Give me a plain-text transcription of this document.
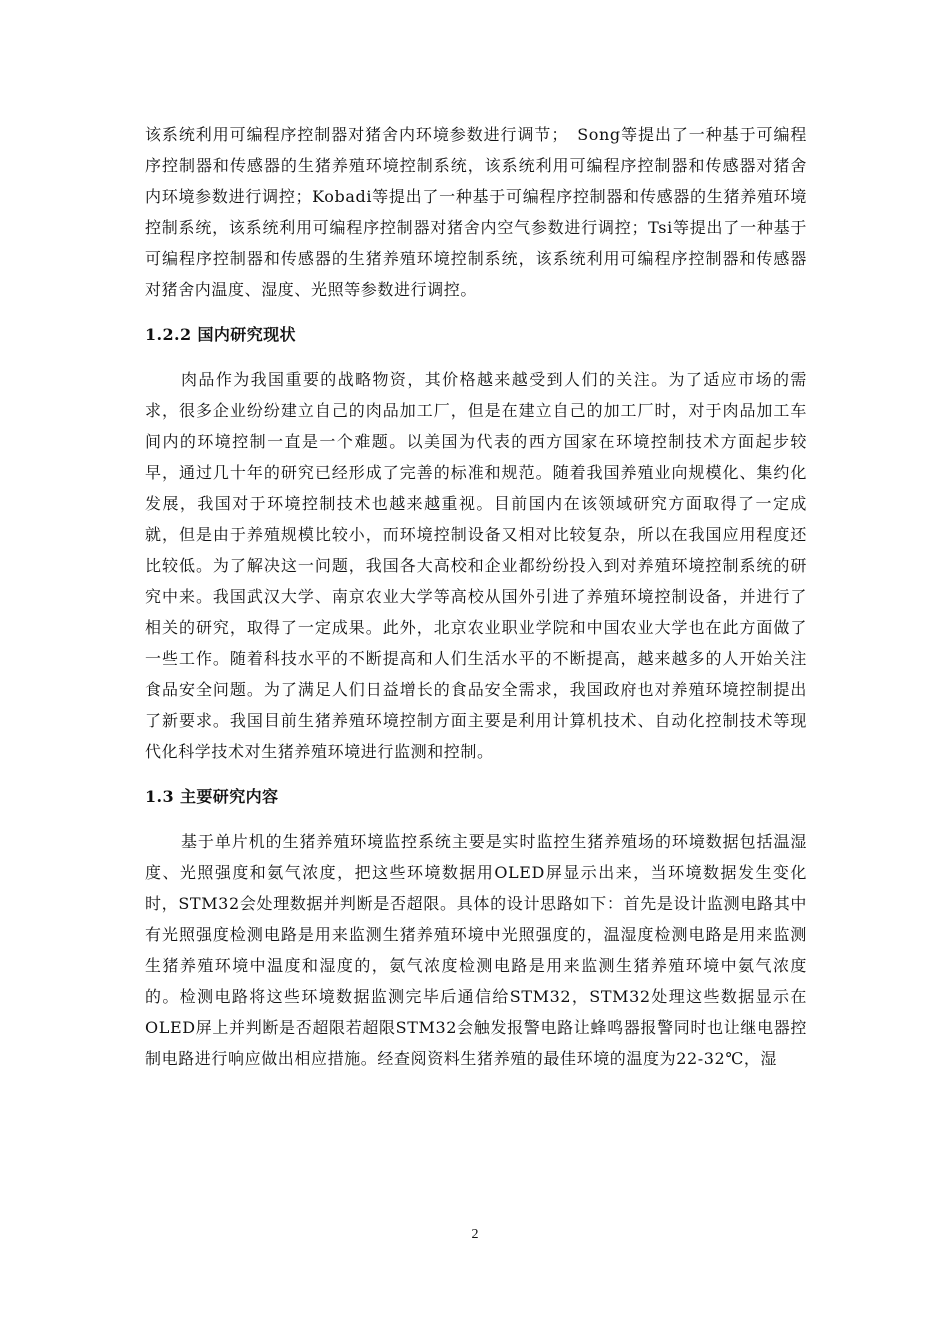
该系统利用可编程序控制器对猪舍内环境参数进行调节；　Song等提出了一种基于可编程序控制器和传感器的生猪养殖环境控制系统，该系统利用可编程序控制器和传感器对猪舍内环境参数进行调控；Kobadi等提出了一种基于可编程序控制器和传感器的生猪养殖环境控制系统，该系统利用可编程序控制器对猪舍内空气参数进行调控；Tsi等提出了一种基于可编程序控制器和传感器的生猪养殖环境控制系统，该系统利用可编程序控制器和传感器对猪舍内温度、湿度、光照等参数进行调控。

1.2.2 国内研究现状

肉品作为我国重要的战略物资，其价格越来越受到人们的关注。为了适应市场的需求，很多企业纷纷建立自己的肉品加工厂，但是在建立自己的加工厂时，对于肉品加工车间内的环境控制一直是一个难题。以美国为代表的西方国家在环境控制技术方面起步较早，通过几十年的研究已经形成了完善的标准和规范。随着我国养殖业向规模化、集约化发展，我国对于环境控制技术也越来越重视。目前国内在该领域研究方面取得了一定成就，但是由于养殖规模比较小，而环境控制设备又相对比较复杂，所以在我国应用程度还比较低。为了解决这一问题，我国各大高校和企业都纷纷投入到对养殖环境控制系统的研究中来。我国武汉大学、南京农业大学等高校从国外引进了养殖环境控制设备，并进行了相关的研究，取得了一定成果。此外，北京农业职业学院和中国农业大学也在此方面做了一些工作。随着科技水平的不断提高和人们生活水平的不断提高，越来越多的人开始关注食品安全问题。为了满足人们日益增长的食品安全需求，我国政府也对养殖环境控制提出了新要求。我国目前生猪养殖环境控制方面主要是利用计算机技术、自动化控制技术等现代化科学技术对生猪养殖环境进行监测和控制。

1.3 主要研究内容

基于单片机的生猪养殖环境监控系统主要是实时监控生猪养殖场的环境数据包括温湿度、光照强度和氨气浓度，把这些环境数据用OLED屏显示出来，当环境数据发生变化时，STM32会处理数据并判断是否超限。具体的设计思路如下：首先是设计监测电路其中有光照强度检测电路是用来监测生猪养殖环境中光照强度的，温湿度检测电路是用来监测生猪养殖环境中温度和湿度的，氨气浓度检测电路是用来监测生猪养殖环境中氨气浓度的。检测电路将这些环境数据监测完毕后通信给STM32，STM32处理这些数据显示在OLED屏上并判断是否超限若超限STM32会触发报警电路让蜂鸣器报警同时也让继电器控制电路进行响应做出相应措施。经查阅资料生猪养殖的最佳环境的温度为22-32℃，湿

2
